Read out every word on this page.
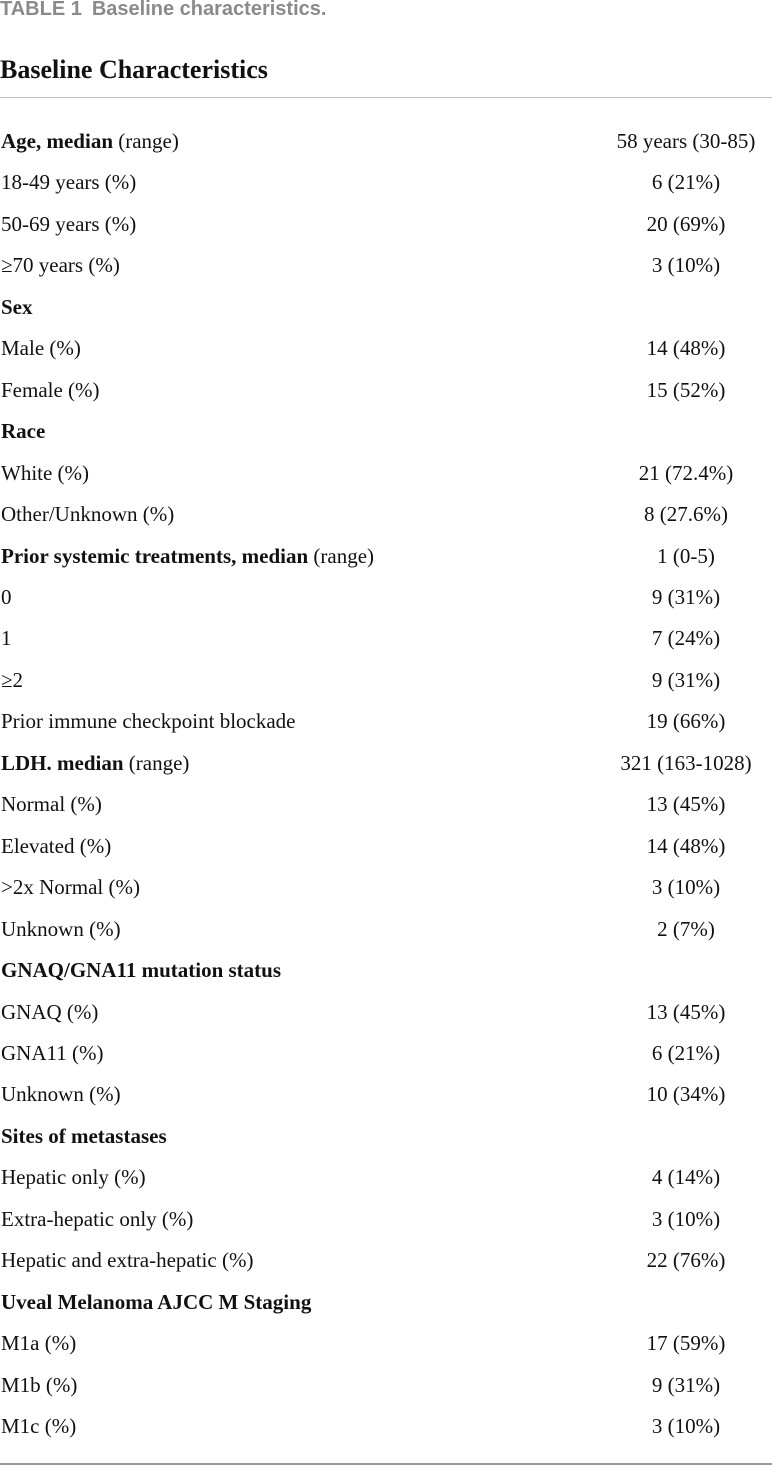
TABLE 1 Baseline characteristics.
Baseline Characteristics
Age, median (range)	58 years (30-85)
18-49 years (%)	6 (21%)
50-69 years (%)	20 (69%)
≥70 years (%)	3 (10%)
Sex
Male (%)	14 (48%)
Female (%)	15 (52%)
Race
White (%)	21 (72.4%)
Other/Unknown (%)	8 (27.6%)
Prior systemic treatments, median (range)	1 (0-5)
0	9 (31%)
1	7 (24%)
≥2	9 (31%)
Prior immune checkpoint blockade	19 (66%)
LDH. median (range)	321 (163-1028)
Normal (%)	13 (45%)
Elevated (%)	14 (48%)
>2x Normal (%)	3 (10%)
Unknown (%)	2 (7%)
GNAQ/GNA11 mutation status
GNAQ (%)	13 (45%)
GNA11 (%)	6 (21%)
Unknown (%)	10 (34%)
Sites of metastases
Hepatic only (%)	4 (14%)
Extra-hepatic only (%)	3 (10%)
Hepatic and extra-hepatic (%)	22 (76%)
Uveal Melanoma AJCC M Staging
M1a (%)	17 (59%)
M1b (%)	9 (31%)
M1c (%)	3 (10%)
